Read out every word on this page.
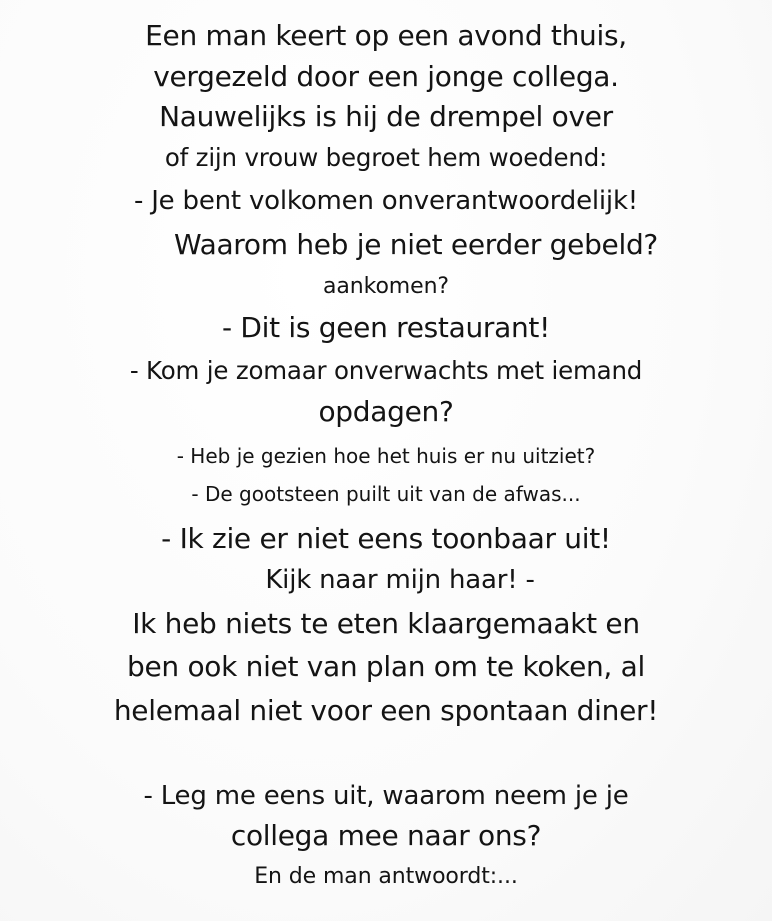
Een man keert op een avond thuis,
vergezeld door een jonge collega.
Nauwelijks is hij de drempel over
of zijn vrouw begroet hem woedend:
- Je bent volkomen onverantwoordelijk!
Waarom heb je niet eerder gebeld?
aankomen?
- Dit is geen restaurant!
- Kom je zomaar onverwachts met iemand
opdagen?
- Heb je gezien hoe het huis er nu uitziet?
- De gootsteen puilt uit van de afwas...
- Ik zie er niet eens toonbaar uit!
Kijk naar mijn haar! -
Ik heb niets te eten klaargemaakt en
ben ook niet van plan om te koken, al
helemaal niet voor een spontaan diner!
- Leg me eens uit, waarom neem je je
collega mee naar ons?
En de man antwoordt:...
